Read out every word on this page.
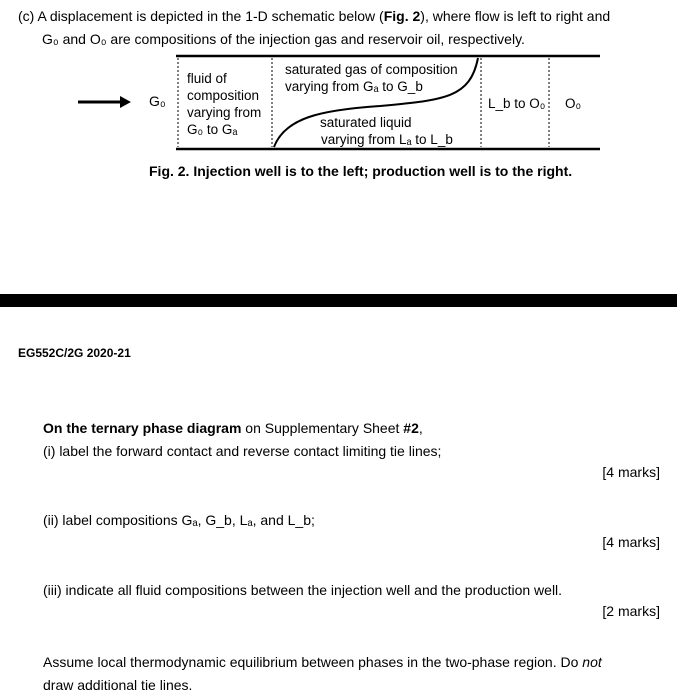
(c) A displacement is depicted in the 1-D schematic below (Fig. 2), where flow is left to right and
G₀ and O₀ are compositions of the injection gas and reservoir oil, respectively.
G₀
fluid of
composition
varying from
G₀ to Gₐ
saturated gas of composition
varying from Gₐ to G_b
saturated liquid
varying from Lₐ to L_b
L_b to O₀ O₀
Fig. 2. Injection well is to the left; production well is to the right.
EG552C/2G 2020-21
On the ternary phase diagram on Supplementary Sheet #2,
(i) label the forward contact and reverse contact limiting tie lines;
[4 marks]
(ii) label compositions Gₐ, G_b, Lₐ, and L_b;
[4 marks]
(iii) indicate all fluid compositions between the injection well and the production well.
[2 marks]
Assume local thermodynamic equilibrium between phases in the two-phase region. Do not
draw additional tie lines.
